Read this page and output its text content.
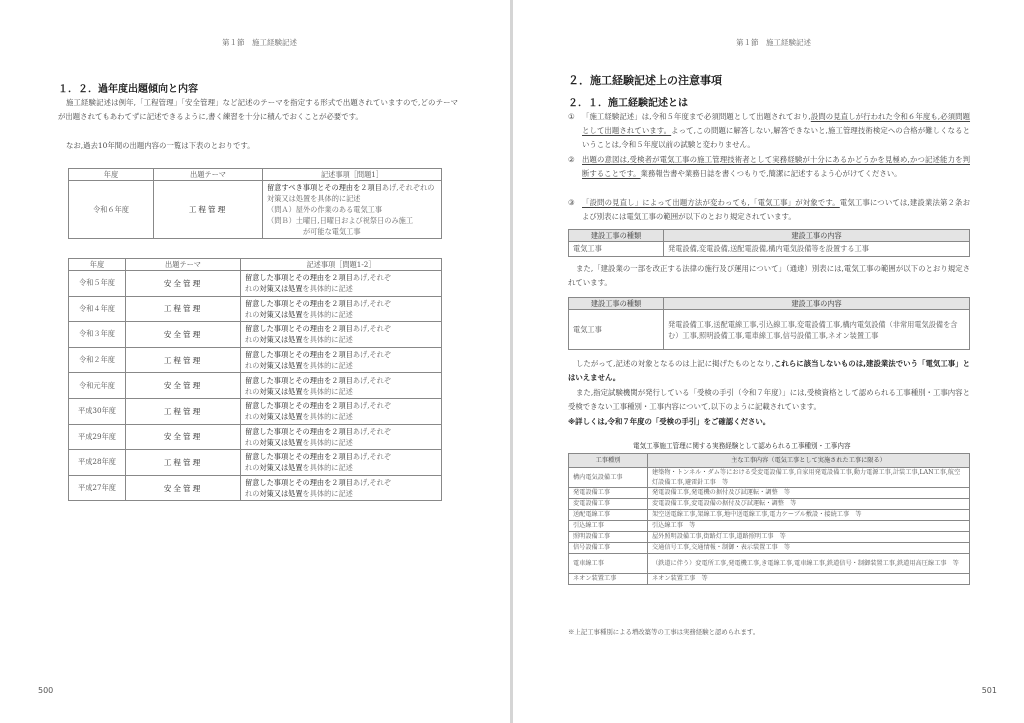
第１節　施工経験記述
１．２．過年度出題傾向と内容
施工経験記述は例年,「工程管理」「安全管理」など記述のテーマを指定する形式で出題されていますので,どのテーマが出題されてもあわてずに記述できるように,書く練習を十分に積んでおくことが必要です。
なお,過去10年間の出題内容の一覧は下表のとおりです。
年度	出題テーマ	記述事項［問題1］
令和６年度	工程管理	留意すべき事項とその理由を２項目あげ,それぞれの対策又は処置を具体的に記述
（問Ａ）屋外の作業のある電気工事
（問Ｂ）土曜日,日曜日および祝祭日のみ施工
が可能な電気工事
年度	出題テーマ	記述事項［問題1-2］
令和５年度	安全管理	留意した事項とその理由を２項目あげ,それぞ
れの対策又は処置を具体的に記述
令和４年度	工程管理	留意した事項とその理由を２項目あげ,それぞ
れの対策又は処置を具体的に記述
令和３年度	安全管理	留意した事項とその理由を２項目あげ,それぞ
れの対策又は処置を具体的に記述
令和２年度	工程管理	留意した事項とその理由を２項目あげ,それぞ
れの対策又は処置を具体的に記述
令和元年度	安全管理	留意した事項とその理由を２項目あげ,それぞ
れの対策又は処置を具体的に記述
平成30年度	工程管理	留意した事項とその理由を２項目あげ,それぞ
れの対策又は処置を具体的に記述
平成29年度	安全管理	留意した事項とその理由を２項目あげ,それぞ
れの対策又は処置を具体的に記述
平成28年度	工程管理	留意した事項とその理由を２項目あげ,それぞ
れの対策又は処置を具体的に記述
平成27年度	安全管理	留意した事項とその理由を２項目あげ,それぞ
れの対策又は処置を具体的に記述
500
第１節　施工経験記述
２．施工経験記述上の注意事項
２．１．施工経験記述とは
① 「施工経験記述」は,令和５年度まで必須問題として出題されており,設問の見直しが行われた令和６年度も,必須問題として出題されています。よって,この問題に解答しない,解答できないと,施工管理技術検定への合格が難しくなるということは,令和５年度以前の試験と変わりません。
② 出題の意図は,受検者が電気工事の施工管理技術者として実務経験が十分にあるかどうかを見極め,かつ記述能力を判断することです。業務報告書や業務日誌を書くつもりで,簡潔に記述するよう心がけてください。
③ 「設問の見直し」によって出題方法が変わっても,「電気工事」が対象です。電気工事については,建設業法第２条および別表には電気工事の範囲が以下のとおり規定されています。
建設工事の種類	建設工事の内容
電気工事	発電設備,変電設備,送配電設備,構内電気設備等を設置する工事
また,「建設業の一部を改正する法律の施行及び運用について」（通達）別表には,電気工事の範囲が以下のとおり規定されています。
建設工事の種類	建設工事の内容
電気工事	発電設備工事,送配電線工事,引込線工事,変電設備工事,構内電気設備（非常用電気設備を含む）工事,照明設備工事,電車線工事,信号設備工事,ネオン装置工事
したがって,記述の対象となるのは上記に掲げたものとなり,これらに該当しないものは,建設業法でいう「電気工事」とはいえません。
また,指定試験機関が発行している「受検の手引（令和７年度）」には,受検資格として認められる工事種別・工事内容と受検できない工事種別・工事内容について,以下のように記載されています。
※詳しくは,令和７年度の「受検の手引」をご確認ください。
電気工事施工管理に関する実務経験として認められる工事種別・工事内容
工事種別	主な工事内容（電気工事として実施された工事に限る）
構内電気設備工事	建築物・トンネル・ダム等における受変電設備工事,自家用発電設備工事,動力電源工事,計装工事,LAN工事,航空灯設備工事,避雷針工事　等
発電設備工事	発電設備工事,発電機の据付及び試運転・調整　等
変電設備工事	変電設備工事,変電設備の据付及び試運転・調整　等
送配電線工事	架空送電線工事,架線工事,地中送電線工事,電力ケーブル敷設・接続工事　等
引込線工事	引込線工事　等
照明設備工事	屋外照明設備工事,街路灯工事,道路照明工事　等
信号設備工事	交通信号工事,交通情報・制御・表示装置工事　等
電車線工事	（鉄道に伴う）変電所工事,発電機工事,き電線工事,電車線工事,鉄道信号・制御装置工事,鉄道用高圧線工事　等
ネオン装置工事	ネオン装置工事　等
※上記工事種別による増改築等の工事は実務経験と認められます。
501
